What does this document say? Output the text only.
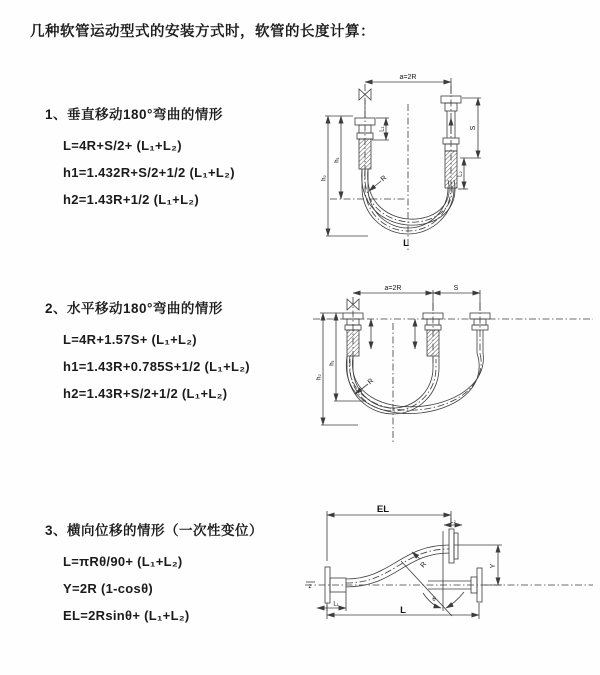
几种软管运动型式的安装方式时，软管的长度计算：
1、垂直移动180°弯曲的情形
L=4R+S/2+ (L₁+L₂)
h1=1.432R+S/2+1/2 (L₁+L₂)
h2=1.43R+1/2 (L₁+L₂)
a=2R
L₁	S
L₂
h₁
h₂	R
L
2、水平移动180°弯曲的情形
L=4R+1.57S+ (L₁+L₂)
h1=1.43R+0.785S+1/2 (L₁+L₂)
h2=1.43R+S/2+1/2 (L₁+L₂)
a=2R	S
h₁
h₂
R
3、横向位移的情形（一次性变位）
L=πRθ/90+ (L₁+L₂)
Y=2R (1-cosθ)
EL=2Rsinθ+ (L₁+L₂)
z
EL
L₂
L₁
θ
R	Y
L
